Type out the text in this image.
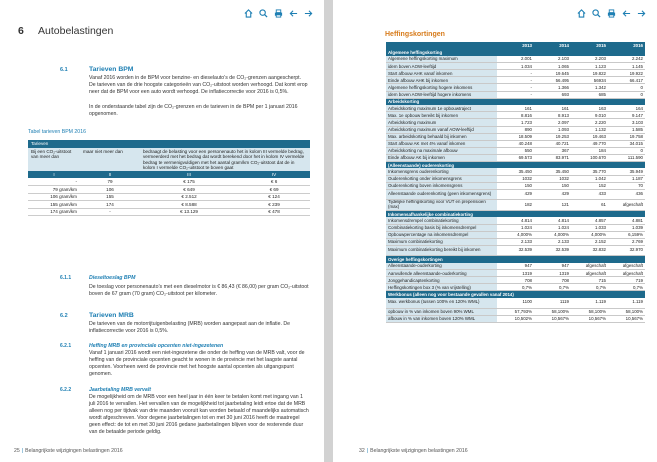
6 Autobelastingen
6.1	Tarieven BPM
Vanaf 2016 worden in de BPM voor benzine- en dieselauto’s de CO₂-grenzen aangescherpt. De tarieven van de drie hoogste categorieën van CO₂-uitstoot worden verhoogd. Dat komt erop neer dat de BPM voor een auto wordt verhoogd. De inflatiecorrectie voor 2016 is 0,5%.
In de onderstaande tabel zijn de CO₂-grenzen en de tarieven in de BPM per 1 januari 2016 opgenomen.
Tabel tarieven BPM 2016
Tarieven			
Bij een CO₂-uitstoot van meer dan	maar niet meer dan	bedraagt de belasting voor een personenauto het in kolom III vermelde bedrag, vermeerderd met het bedrag dat wordt berekend door het in kolom IV vermelde bedrag te vermenigvuldigen met het aantal gram/km CO₂-uitstoot dat de in kolom I vermelde CO₂-uitstoot te boven gaat	
I	II	III	IV
-	79	€ 175	€ 6
79 gram/km	106	€ 649	€ 69
106 gram/km	155	€ 2.512	€ 124
155 gram/km	174	€ 8.588	€ 239
174 gram/km	-	€ 13.129	€ 478
6.1.1	Dieseltoeslag BPM
De toeslag voor personenauto’s met een dieselmotor is € 86,43 (€ 86,00) per gram CO₂-uitstoot boven de 67 gram (70 gram) CO₂-uitstoot per kilometer.
6.2	Tarieven MRB
De tarieven van de motorrijtuigenbelasting (MRB) worden aangepast aan de inflatie. De inflatiecorrectie voor 2016 is 0,5%.
6.2.1	Heffing MRB en provinciale opcenten niet-ingezetenen
Vanaf 1 januari 2016 wordt een niet-ingezetene die onder de heffing van de MRB valt, voor de heffing van de provinciale opcenten geacht te wonen in de provincie met het laagste aantal opcenten. Voorheen werd de provincie met het hoogste aantal opcenten als uitgangspunt genomen.
6.2.2	Jaarbetaling MRB vervalt
De mogelijkheid om de MRB voor een heel jaar in één keer te betalen komt met ingang van 1 juli 2016 te vervallen. Het vervallen van de mogelijkheid tot jaarbetaling leidt ertoe dat de MRB alleen nog per tijdvak van drie maanden vooruit kan worden betaald of maandelijks automatisch wordt afgeschreven. Voor degene jaarbetalingen tot en met 30 juni 2016 heeft de maatregel geen effect: de tot en met 30 juni 2016 gedane jaarbetalingen blijven voor de resterende duur van de betaalde periode geldig.
25 | Belangrijkste wijzigingen belastingen 2016
Heffingskortingen
	2013	2014	2015	2016
Algemene heffingskorting				
Algemene heffingskorting maximum	2.001	2.103	2.203	2.242
idem boven AOW-leeftijd	1.034	1.065	1.123	1.145
Start afbouw AHK vanaf inkomen	-	19.645	19.822	19.922
Einde afbouw AHK bij inkomen	-	56.495	56934	66.417
Algemene heffingskorting hogere inkomens	-	1.366	1.342	0
idem boven AOW-leeftijd hogere inkomens	-	693	685	0
Arbeidskorting				
Arbeidskorting maximum 1e opbouwtraject	161	161	163	164
Max. 1e opbouw bereikt bij inkomen	8.816	8.913	9.010	9.147
Arbeidskorting maximum	1.723	2.097	2.220	3.103
Arbeidskorting maximum vanaf AOW-leeftijd	890	1.093	1.132	1.585
Max. arbeidskorting behaald bij inkomen	18.509	19.253	19.463	19.758
Start afbouw AK met 4% vanaf inkomen	40.248	40.721	49.770	34.015
Arbeidskorting na maximale afbouw	550	367	184	0
Einde afbouw AK bij inkomen	69.573	83.971	100.670	111.590
(Alleenstaande) ouderenkorting				
Inkomensgrens ouderenkorting	35.450	35.450	35.770	35.949
Ouderenkorting onder inkomensgrens	1032	1032	1.042	1.187
Ouderenkorting boven inkomensgrens	150	150	152	70
Alleenstaande ouderenkorting (geen inkomensgrens)	429	429	433	436
Tijdelijke heffingskorting voor VUT en prepensioen (max)	182	121	61	afgeschaft
Inkomensafhankelijke combinatiekorting				
Inkomensdrempel combinatiekorting	4.814	4.814	4.857	4.881
Combinatiekorting basis bij inkomensdrempel	1.024	1.024	1.033	1.039
Opbouwpercentage na inkomensdrempel	4,000%	4,000%	4,000%	6,159%
Maximum combinatiekorting	2.133	2.133	2.152	2.769
Maximum combinatiekorting bereikt bij inkomen	32.539	32.539	32.832	32.970
Overige heffingskortingen				
Alleenstaande-ouderkorting	947	947	afgeschaft	afgeschaft
Aanvullende alleenstaande-ouderkorting	1319	1319	afgeschaft	afgeschaft
Jonggehandicaptenkorting	708	708	715	719
Heffingskortingen box 3 (% van vrijstelling)	0,7%	0,7%	0,7%	0,7%
Werkbonus (alleen nog voor bestaande gevallen vanaf 2014)				
Max. werkbonus (tussen 100% en 120% WML)	1100	1119	1.119	1.119
opbouw in % van inkomen boven 90% WML	57,793%	58,100%	58,100%	58,100%
afbouw in % van inkomen boven 120% WML	10,502%	10,567%	10,567%	10,567%
32 | Belangrijkste wijzigingen belastingen 2016
